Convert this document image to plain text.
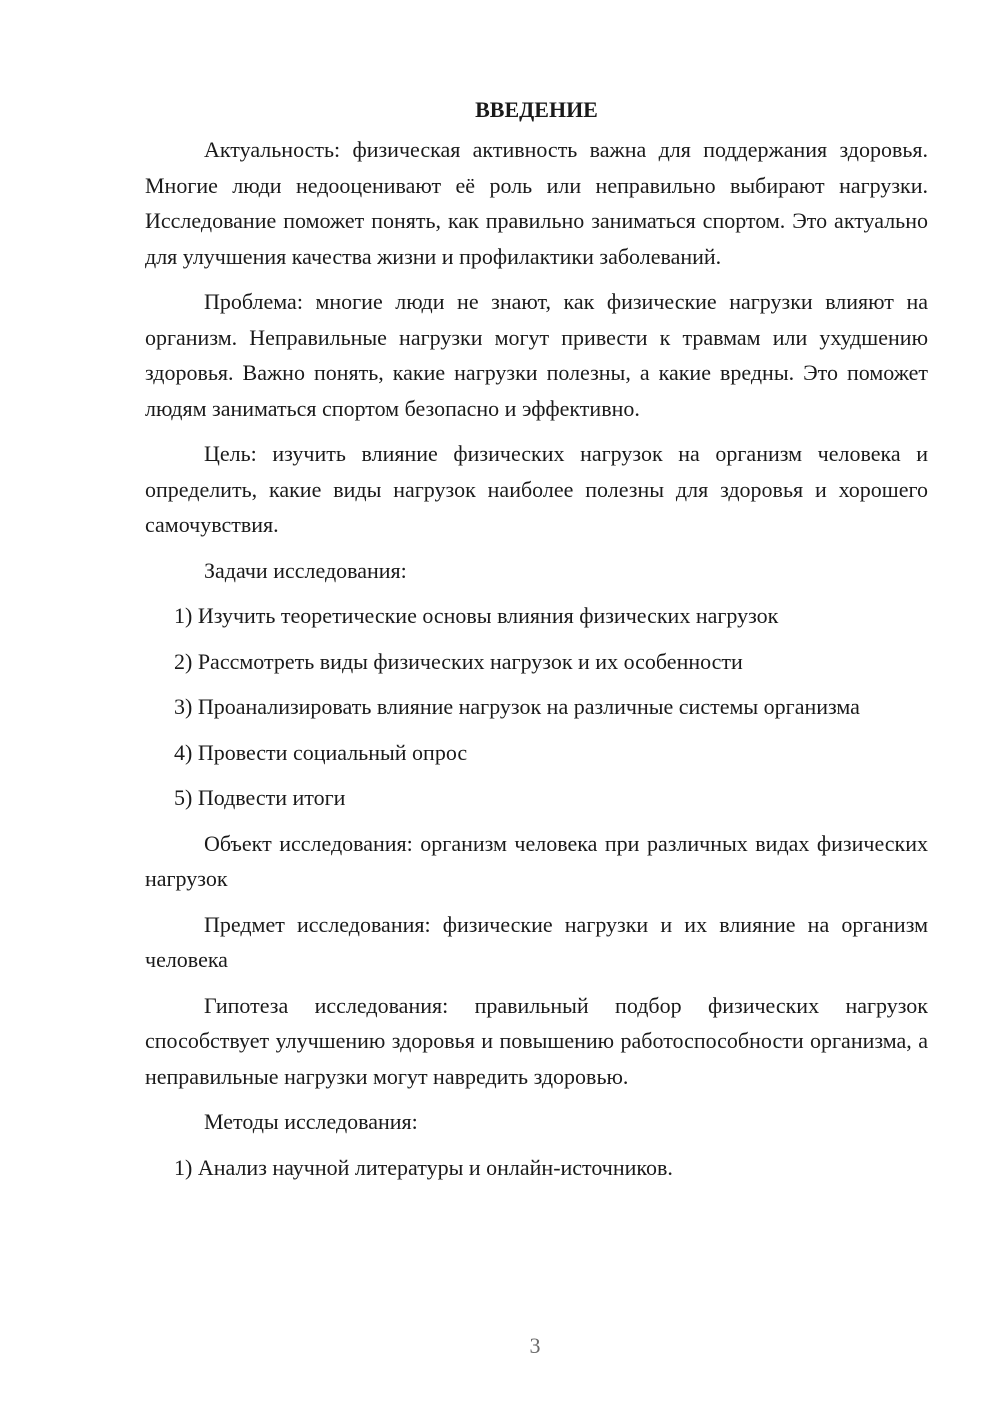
ВВЕДЕНИЕ

Актуальность: физическая активность важна для поддержания здоровья. Многие люди недооценивают её роль или неправильно выбирают нагрузки. Исследование поможет понять, как правильно заниматься спортом. Это актуально для улучшения качества жизни и профилактики заболеваний.

Проблема: многие люди не знают, как физические нагрузки влияют на организм. Неправильные нагрузки могут привести к травмам или ухудшению здоровья. Важно понять, какие нагрузки полезны, а какие вредны. Это поможет людям заниматься спортом безопасно и эффективно.

Цель: изучить влияние физических нагрузок на организм человека и определить, какие виды нагрузок наиболее полезны для здоровья и хорошего самочувствия.

Задачи исследования:

1) Изучить теоретические основы влияния физических нагрузок

2) Рассмотреть виды физических нагрузок и их особенности

3) Проанализировать влияние нагрузок на различные системы организма

4) Провести социальный опрос

5) Подвести итоги

Объект исследования: организм человека при различных видах физических нагрузок

Предмет исследования: физические нагрузки и их влияние на организм человека

Гипотеза исследования: правильный подбор физических нагрузок способствует улучшению здоровья и повышению работоспособности организма, а неправильные нагрузки могут навредить здоровью.

Методы исследования:

1) Анализ научной литературы и онлайн-источников.

3
